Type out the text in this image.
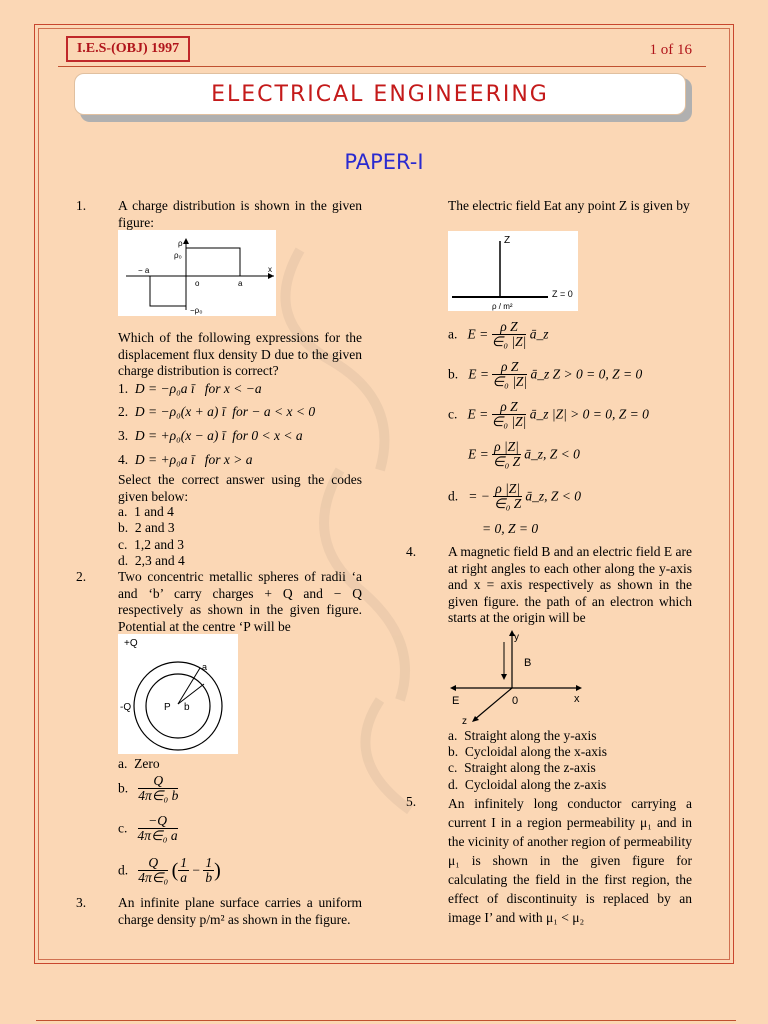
I.E.S-(OBJ) 1997	1 of 16
ELECTRICAL ENGINEERING
PAPER-I
1. A charge distribution is shown in the given figure:
ρ
ρ₀
−ρ₀
− a
o	a
x
Which of the following expressions for the displacement flux density D due to the given charge distribution is correct?
1. D = −ρ₀a ī for x < −a
2. D = −ρ₀(x + a) ī for − a < x < 0
3. D = +ρ₀(x − a) ī for 0 < x < a
4. D = +ρ₀a ī for x > a
Select the correct answer using the codes given below:
a. 1 and 4
b. 2 and 3
c. 1,2 and 3
d. 2,3 and 4
2. Two concentric metallic spheres of radii ‘a and ‘b’ carry charges + Q and − Q respectively as shown in the given figure. Potential at the centre ‘P will be
+Q
-Q	P b
a
a. Zero
b. $\frac{Q}{\text{4π∈₀ b}}$
c. $\frac{-Q}{\text{4π∈₀ a}}$
d. $\frac{Q}{\text{4π∈₀}}$ ( $\frac{1}{a} - \frac{1}{b}$ )
3. An infinite plane surface carries a uniform charge density p/m² as shown in the figure.
The electric field Eat any point Z is given by
Z
ρ / m²
Z = 0
a. $E = \frac{\text{ρ Z}}{\text{∈₀ |Z|}}$ ā_z
b. $E = \frac{\text{ρ Z}}{\text{∈₀ |Z|}}$ ā_z Z > 0 = 0, Z = 0
c. $E = \frac{\text{ρ Z}}{\text{∈₀ |Z|}}$ ā_z |Z| > 0 = 0, Z = 0
$E = \frac{\rho |Z|}{\text{∈₀ Z}}$ ā_z, Z < 0
d. = − $\frac{\rho |Z|}{\text{∈₀ Z}}$ ā_z, Z < 0
= 0, Z = 0
4. A magnetic field B and an electric field E are at right angles to each other along the y-axis and x = axis respectively as shown in the given figure. the path of an electron which starts at the origin will be
y
B
E	0	x
z
a. Straight along the y-axis
b. Cycloidal along the x-axis
c. Straight along the z-axis
d. Cycloidal along the z-axis
5. An infinitely long conductor carrying a current I in a region permeability μ₁ and in the vicinity of another region of permeability μ₁ is shown in the given figure for calculating the field in the first region, the effect of discontinuity is replaced by an image I’ and with μ₁ < μ₂
